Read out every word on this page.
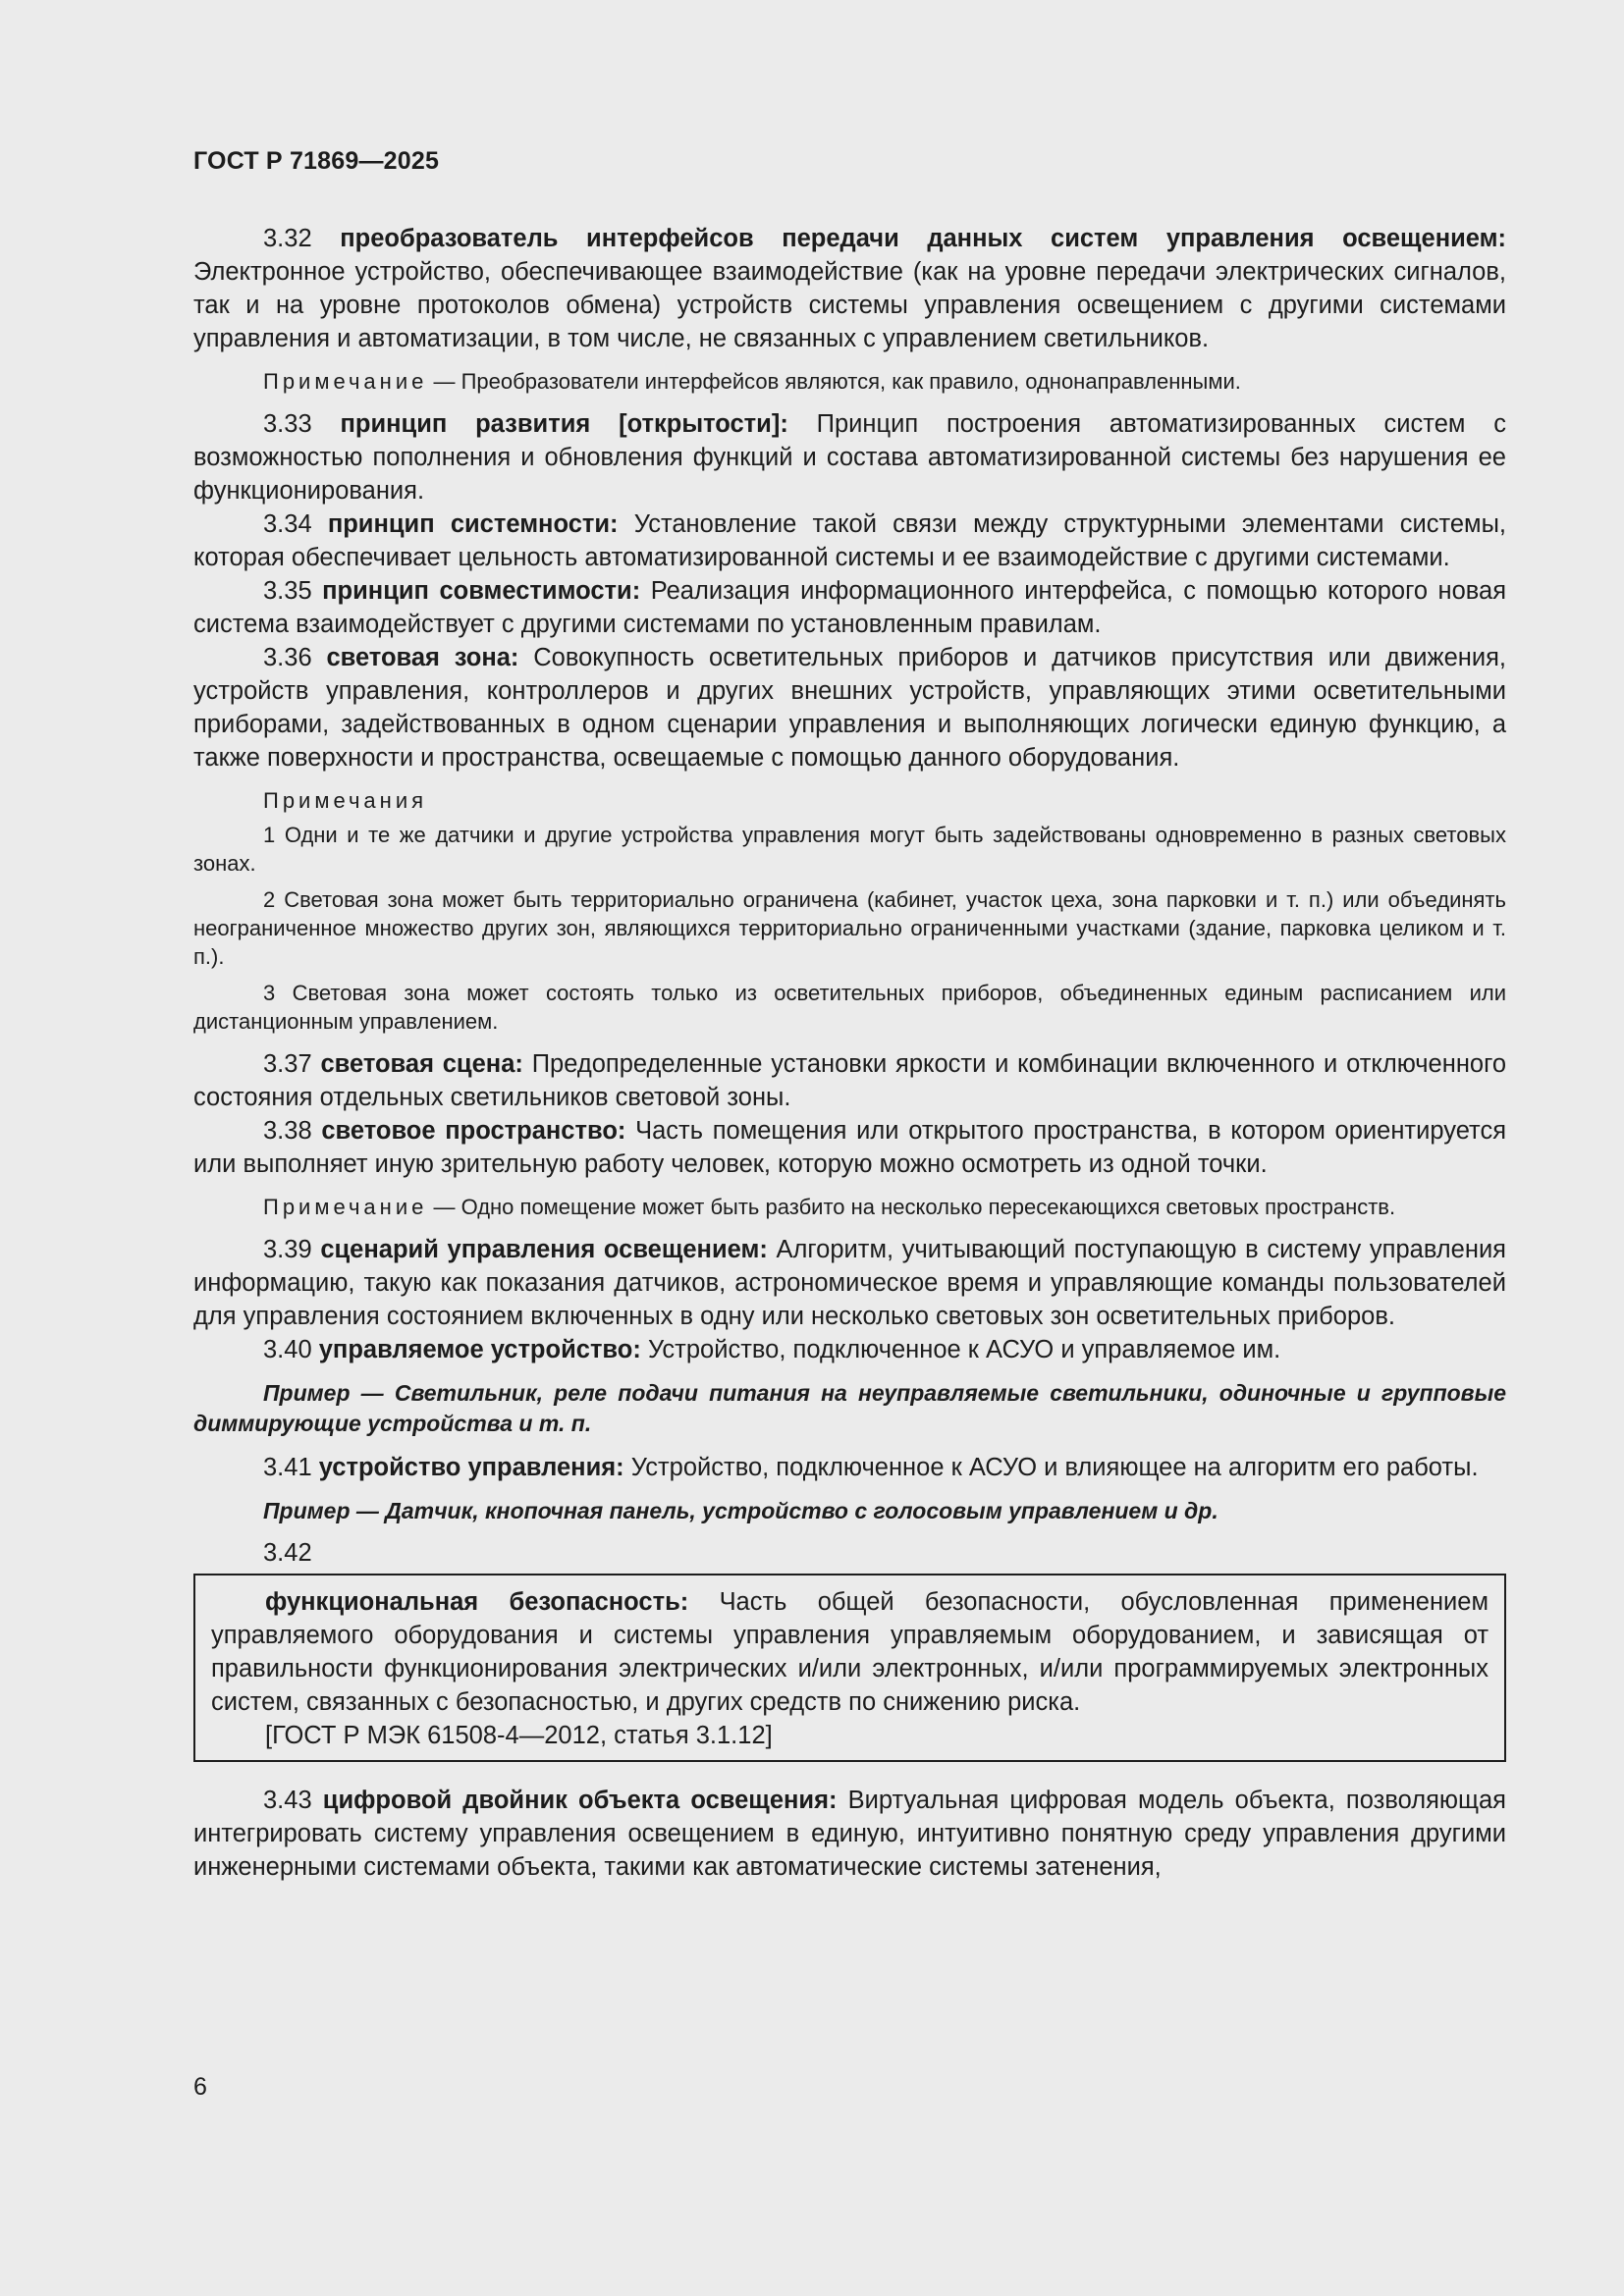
ГОСТ Р 71869—2025

3.32 преобразователь интерфейсов передачи данных систем управления освещением: Электронное устройство, обеспечивающее взаимодействие (как на уровне передачи электрических сигналов, так и на уровне протоколов обмена) устройств системы управления освещением с другими системами управления и автоматизации, в том числе, не связанных с управлением светильников.

Примечание — Преобразователи интерфейсов являются, как правило, однонаправленными.

3.33 принцип развития [открытости]: Принцип построения автоматизированных систем с возможностью пополнения и обновления функций и состава автоматизированной системы без нарушения ее функционирования.

3.34 принцип системности: Установление такой связи между структурными элементами системы, которая обеспечивает цельность автоматизированной системы и ее взаимодействие с другими системами.

3.35 принцип совместимости: Реализация информационного интерфейса, с помощью которого новая система взаимодействует с другими системами по установленным правилам.

3.36 световая зона: Совокупность осветительных приборов и датчиков присутствия или движения, устройств управления, контроллеров и других внешних устройств, управляющих этими осветительными приборами, задействованных в одном сценарии управления и выполняющих логически единую функцию, а также поверхности и пространства, освещаемые с помощью данного оборудования.

Примечания

1 Одни и те же датчики и другие устройства управления могут быть задействованы одновременно в разных световых зонах.

2 Световая зона может быть территориально ограничена (кабинет, участок цеха, зона парковки и т. п.) или объединять неограниченное множество других зон, являющихся территориально ограниченными участками (здание, парковка целиком и т. п.).

3 Световая зона может состоять только из осветительных приборов, объединенных единым расписанием или дистанционным управлением.

3.37 световая сцена: Предопределенные установки яркости и комбинации включенного и отключенного состояния отдельных светильников световой зоны.

3.38 световое пространство: Часть помещения или открытого пространства, в котором ориентируется или выполняет иную зрительную работу человек, которую можно осмотреть из одной точки.

Примечание — Одно помещение может быть разбито на несколько пересекающихся световых пространств.

3.39 сценарий управления освещением: Алгоритм, учитывающий поступающую в систему управления информацию, такую как показания датчиков, астрономическое время и управляющие команды пользователей для управления состоянием включенных в одну или несколько световых зон осветительных приборов.

3.40 управляемое устройство: Устройство, подключенное к АСУО и управляемое им.

Пример — Светильник, реле подачи питания на неуправляемые светильники, одиночные и групповые диммирующие устройства и т. п.

3.41 устройство управления: Устройство, подключенное к АСУО и влияющее на алгоритм его работы.

Пример — Датчик, кнопочная панель, устройство с голосовым управлением и др.

3.42

функциональная безопасность: Часть общей безопасности, обусловленная применением управляемого оборудования и системы управления управляемым оборудованием, и зависящая от правильности функционирования электрических и/или электронных, и/или программируемых электронных систем, связанных с безопасностью, и других средств по снижению риска.

[ГОСТ Р МЭК 61508-4—2012, статья 3.1.12]

3.43 цифровой двойник объекта освещения: Виртуальная цифровая модель объекта, позволяющая интегрировать систему управления освещением в единую, интуитивно понятную среду управления другими инженерными системами объекта, такими как автоматические системы затенения,

6
